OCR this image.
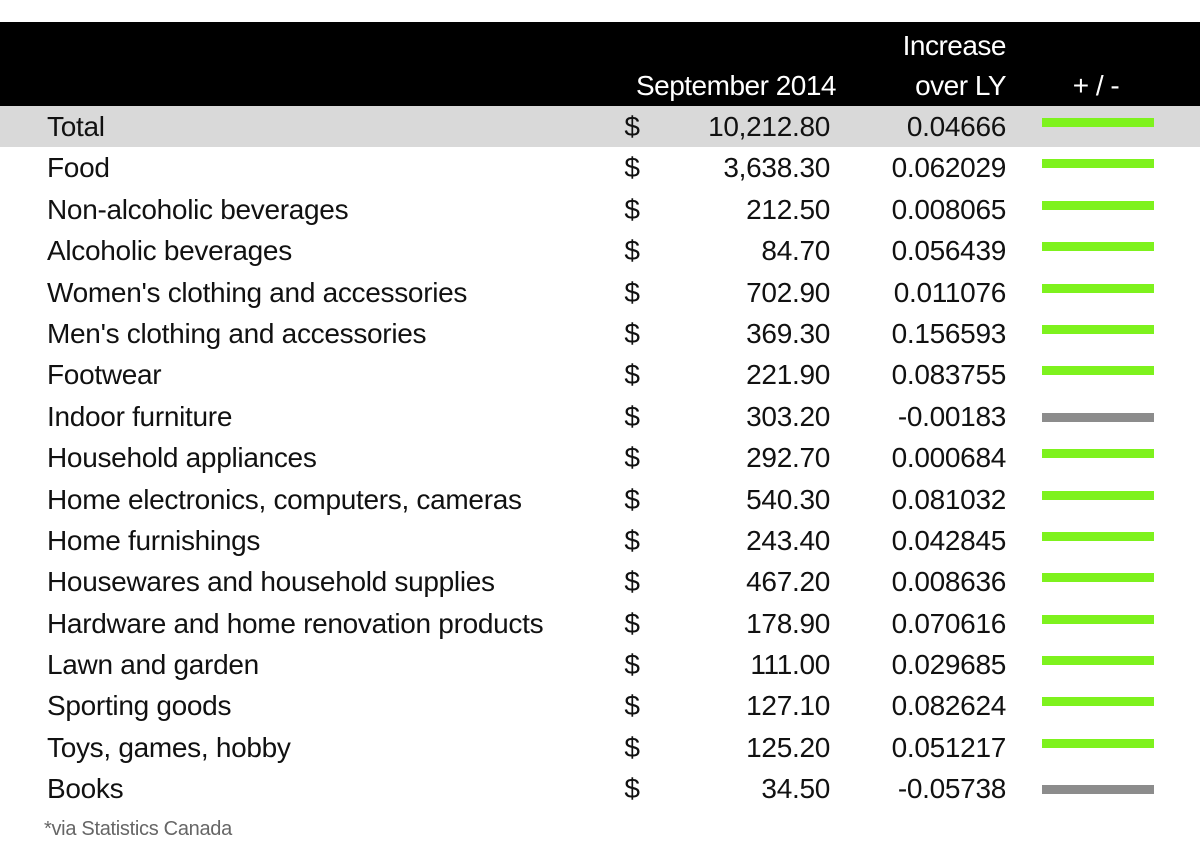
September 2014
Increase
over LY	+ / -
Total	$	10,212.80	0.04666
Food	$	3,638.30	0.062029
Non-alcoholic beverages	$	212.50	0.008065
Alcoholic beverages	$	84.70	0.056439
Women's clothing and accessories	$	702.90	0.011076
Men's clothing and accessories	$	369.30	0.156593
Footwear	$	221.90	0.083755
Indoor furniture	$	303.20	-0.00183
Household appliances	$	292.70	0.000684
Home electronics, computers, cameras	$	540.30	0.081032
Home furnishings	$	243.40	0.042845
Housewares and household supplies	$	467.20	0.008636
Hardware and home renovation products	$	178.90	0.070616
Lawn and garden	$	111.00	0.029685
Sporting goods	$	127.10	0.082624
Toys, games, hobby	$	125.20	0.051217
Books	$	34.50	-0.05738
*via Statistics Canada
